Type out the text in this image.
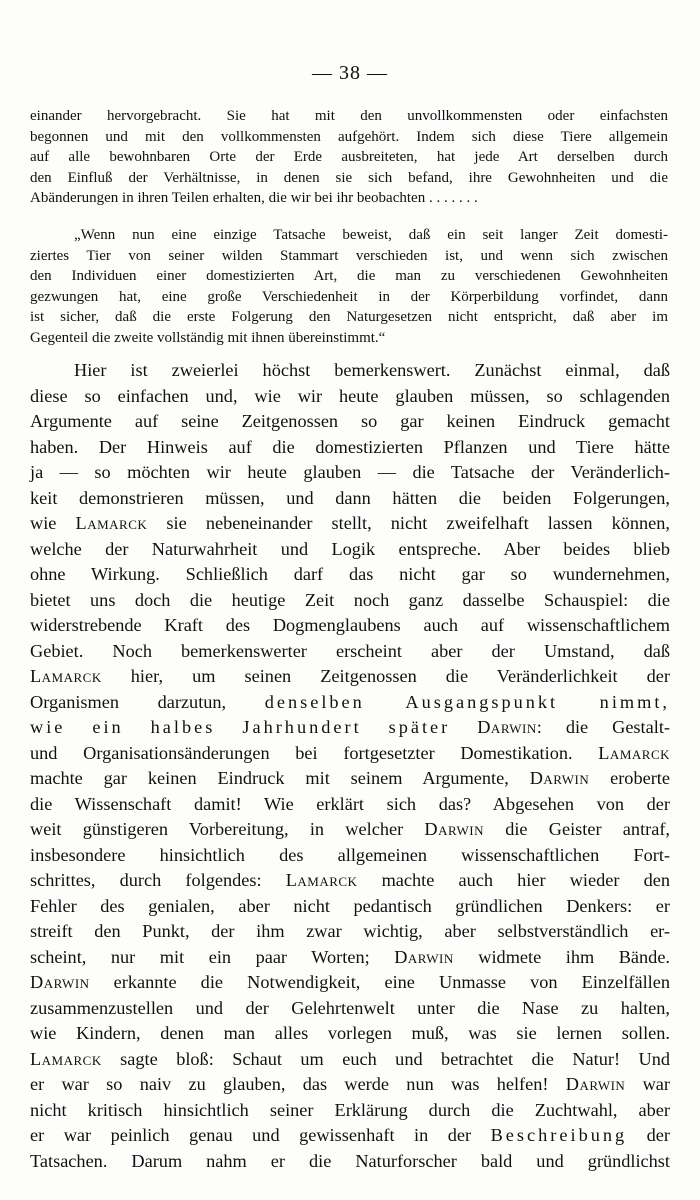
— 38 —
einander hervorgebracht. Sie hat mit den unvollkommensten oder einfachsten
begonnen und mit den vollkommensten aufgehört. Indem sich diese Tiere allgemein
auf alle bewohnbaren Orte der Erde ausbreiteten, hat jede Art derselben durch
den Einfluß der Verhältnisse, in denen sie sich befand, ihre Gewohnheiten und die
Abänderungen in ihren Teilen erhalten, die wir bei ihr beobachten . . . . . . .
„Wenn nun eine einzige Tatsache beweist, daß ein seit langer Zeit domesti-
ziertes Tier von seiner wilden Stammart verschieden ist, und wenn sich zwischen
den Individuen einer domestizierten Art, die man zu verschiedenen Gewohnheiten
gezwungen hat, eine große Verschiedenheit in der Körperbildung vorfindet, dann
ist sicher, daß die erste Folgerung den Naturgesetzen nicht entspricht, daß aber im
Gegenteil die zweite vollständig mit ihnen übereinstimmt.“
Hier ist zweierlei höchst bemerkenswert. Zunächst einmal, daß
diese so einfachen und, wie wir heute glauben müssen, so schlagenden
Argumente auf seine Zeitgenossen so gar keinen Eindruck gemacht
haben. Der Hinweis auf die domestizierten Pflanzen und Tiere hätte
ja — so möchten wir heute glauben — die Tatsache der Veränderlich-
keit demonstrieren müssen, und dann hätten die beiden Folgerungen,
wie Lamarck sie nebeneinander stellt, nicht zweifelhaft lassen können,
welche der Naturwahrheit und Logik entspreche. Aber beides blieb
ohne Wirkung. Schließlich darf das nicht gar so wundernehmen,
bietet uns doch die heutige Zeit noch ganz dasselbe Schauspiel: die
widerstrebende Kraft des Dogmenglaubens auch auf wissenschaftlichem
Gebiet. Noch bemerkenswerter erscheint aber der Umstand, daß
Lamarck hier, um seinen Zeitgenossen die Veränderlichkeit der
Organismen darzutun, denselben Ausgangspunkt nimmt,
wie ein halbes Jahrhundert später Darwin: die Gestalt-
und Organisationsänderungen bei fortgesetzter Domestikation. Lamarck
machte gar keinen Eindruck mit seinem Argumente, Darwin eroberte
die Wissenschaft damit! Wie erklärt sich das? Abgesehen von der
weit günstigeren Vorbereitung, in welcher Darwin die Geister antraf,
insbesondere hinsichtlich des allgemeinen wissenschaftlichen Fort-
schrittes, durch folgendes: Lamarck machte auch hier wieder den
Fehler des genialen, aber nicht pedantisch gründlichen Denkers: er
streift den Punkt, der ihm zwar wichtig, aber selbstverständlich er-
scheint, nur mit ein paar Worten; Darwin widmete ihm Bände.
Darwin erkannte die Notwendigkeit, eine Unmasse von Einzelfällen
zusammenzustellen und der Gelehrtenwelt unter die Nase zu halten,
wie Kindern, denen man alles vorlegen muß, was sie lernen sollen.
Lamarck sagte bloß: Schaut um euch und betrachtet die Natur! Und
er war so naiv zu glauben, das werde nun was helfen! Darwin war
nicht kritisch hinsichtlich seiner Erklärung durch die Zuchtwahl, aber
er war peinlich genau und gewissenhaft in der Beschreibung der
Tatsachen. Darum nahm er die Naturforscher bald und gründlichst
